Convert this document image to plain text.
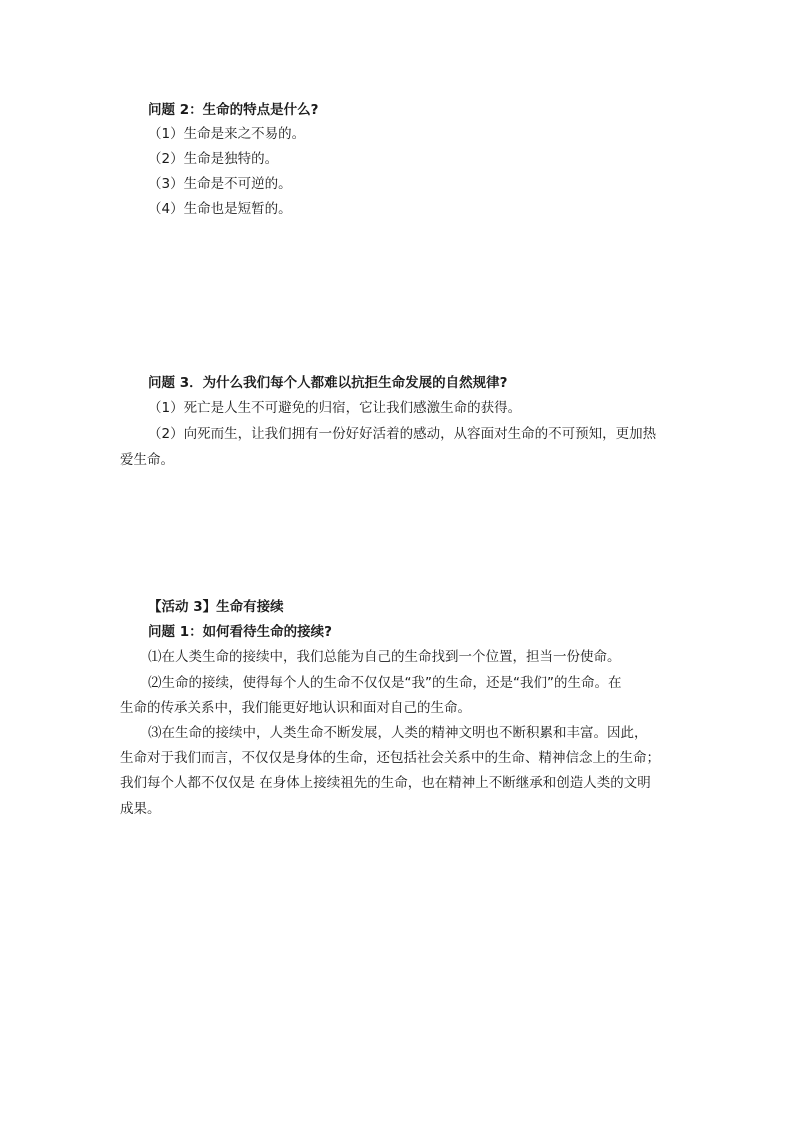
问题 2：生命的特点是什么?
（1）生命是来之不易的。
（2）生命是独特的。
（3）生命是不可逆的。
（4）生命也是短暂的。
问题 3．为什么我们每个人都难以抗拒生命发展的自然规律?
（1）死亡是人生不可避免的归宿，它让我们感激生命的获得。
（2）向死而生，让我们拥有一份好好活着的感动，从容面对生命的不可预知，更加热
爱生命。
【活动 3】生命有接续
问题 1：如何看待生命的接续?
⑴在人类生命的接续中，我们总能为自己的生命找到一个位置，担当一份使命。
⑵生命的接续，使得每个人的生命不仅仅是“我”的生命，还是“我们”的生命。在
生命的传承关系中，我们能更好地认识和面对自己的生命。
⑶在生命的接续中，人类生命不断发展，人类的精神文明也不断积累和丰富。因此，
生命对于我们而言，不仅仅是身体的生命，还包括社会关系中的生命、精神信念上的生命；
我们每个人都不仅仅是 在身体上接续祖先的生命，也在精神上不断继承和创造人类的文明
成果。
